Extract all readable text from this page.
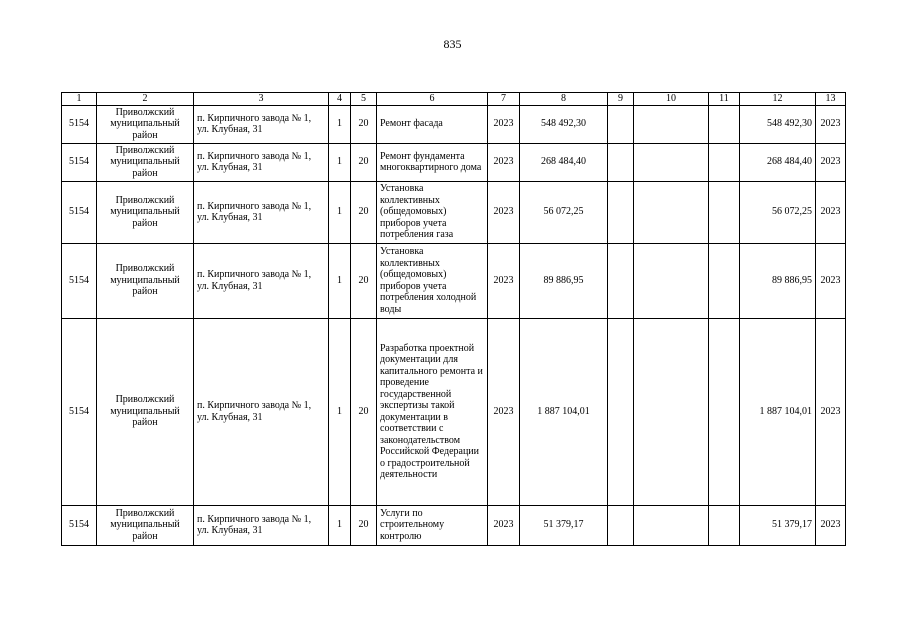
835
1	2	3	4	5	6	7	8	9	10	11	12	13
5154	Приволжский муниципальный район	п. Кирпичного завода № 1, ул. Клубная, 31	1	20	Ремонт фасада	2023	548 492,30				548 492,30	2023
5154	Приволжский муниципальный район	п. Кирпичного завода № 1, ул. Клубная, 31	1	20	Ремонт фундамента многоквартирного дома	2023	268 484,40				268 484,40	2023
5154	Приволжский муниципальный район	п. Кирпичного завода № 1, ул. Клубная, 31	1	20	Установка коллективных (общедомовых) приборов учета потребления газа	2023	56 072,25				56 072,25	2023
5154	Приволжский муниципальный район	п. Кирпичного завода № 1, ул. Клубная, 31	1	20	Установка коллективных (общедомовых) приборов учета потребления холодной воды	2023	89 886,95				89 886,95	2023
5154	Приволжский муниципальный район	п. Кирпичного завода № 1, ул. Клубная, 31	1	20	Разработка проектной документации для капитального ремонта и проведение государственной экспертизы такой документации в соответствии с законодательством Российской Федерации о градостроительной деятельности	2023	1 887 104,01				1 887 104,01	2023
5154	Приволжский муниципальный район	п. Кирпичного завода № 1, ул. Клубная, 31	1	20	Услуги по строительному контролю	2023	51 379,17				51 379,17	2023
